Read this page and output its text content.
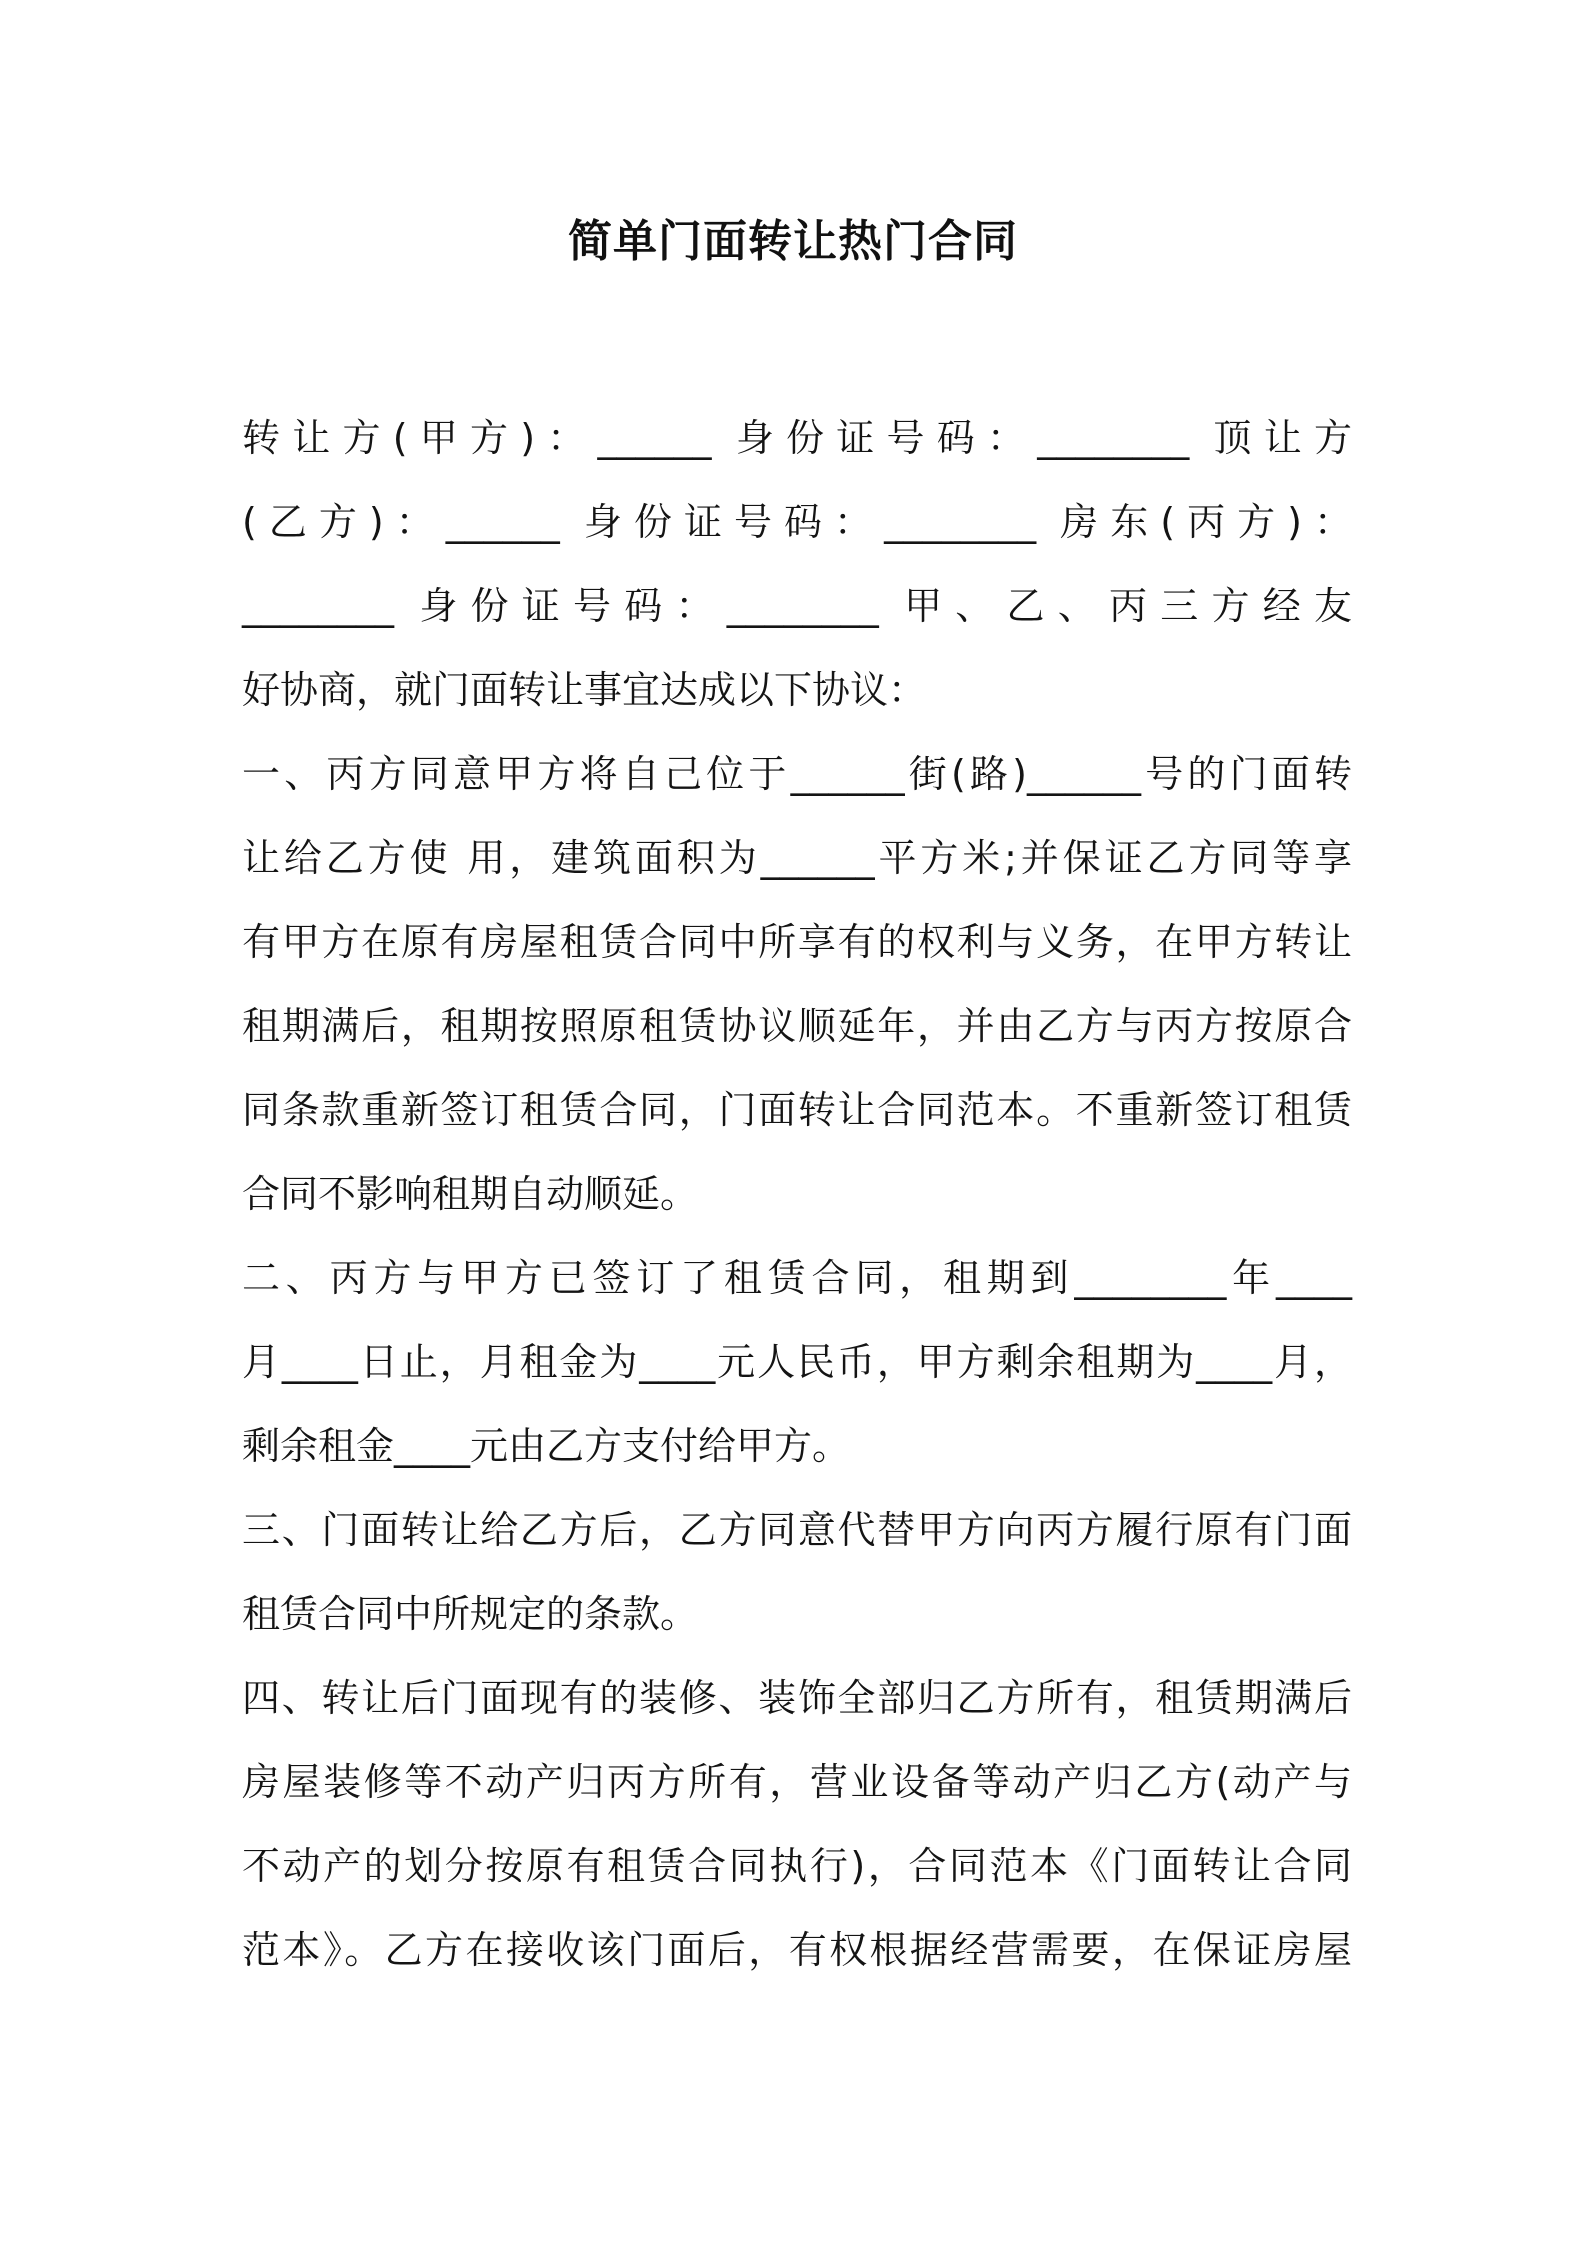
简单门面转让热门合同
转让方(甲方)：______ 身份证号码：________ 顶让方
(乙方)：______ 身份证号码：________ 房东(丙方)：
________ 身份证号码：________ 甲、乙、丙三方经友
好协商，就门面转让事宜达成以下协议：
一、丙方同意甲方将自己位于______街(路)______号的门面转
让给乙方使 用，建筑面积为______平方米;并保证乙方同等享
有甲方在原有房屋租赁合同中所享有的权利与义务，在甲方转让
租期满后，租期按照原租赁协议顺延年，并由乙方与丙方按原合
同条款重新签订租赁合同，门面转让合同范本。不重新签订租赁
合同不影响租期自动顺延。
二、丙方与甲方已签订了租赁合同，租期到________年____
月____日止，月租金为____元人民币，甲方剩余租期为____月，
剩余租金____元由乙方支付给甲方。
三、门面转让给乙方后，乙方同意代替甲方向丙方履行原有门面
租赁合同中所规定的条款。
四、转让后门面现有的装修、装饰全部归乙方所有，租赁期满后
房屋装修等不动产归丙方所有，营业设备等动产归乙方(动产与
不动产的划分按原有租赁合同执行)，合同范本《门面转让合同
范本》。乙方在接收该门面后，有权根据经营需要，在保证房屋
